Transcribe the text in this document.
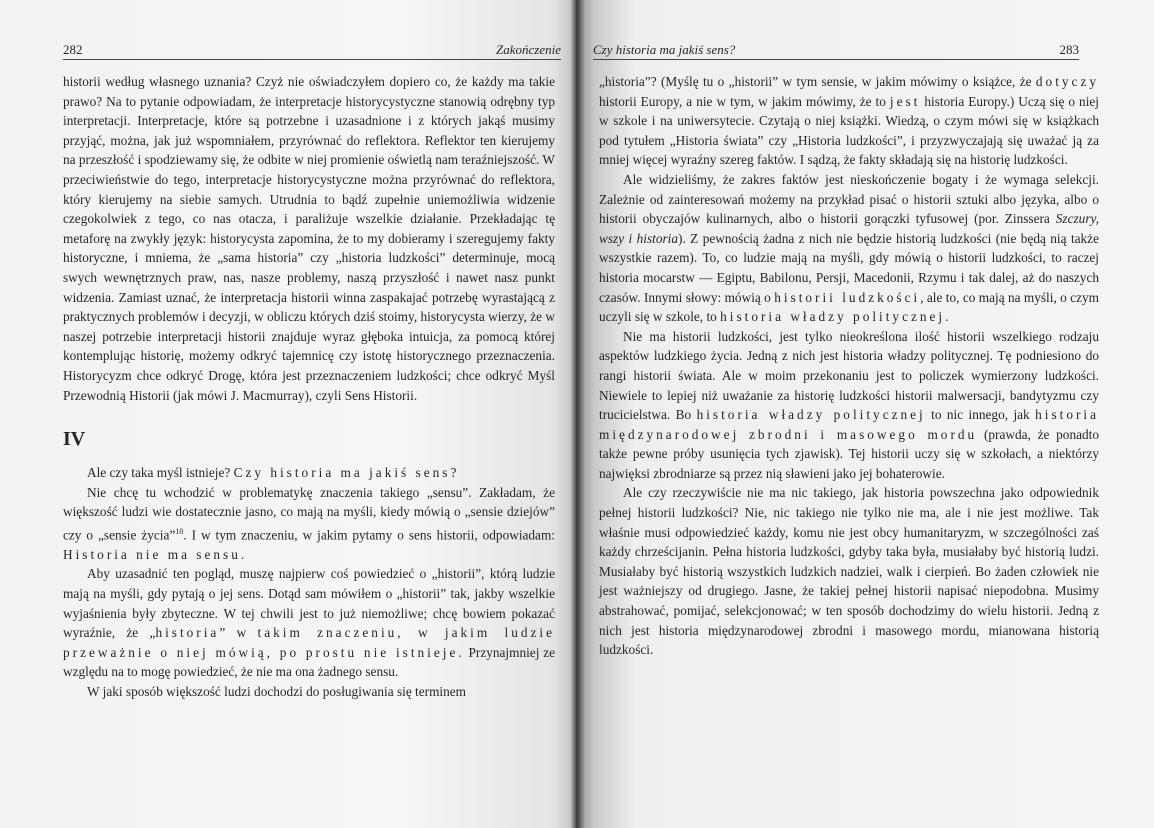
282	Zakończenie

historii według własnego uznania? Czyż nie oświadczyłem dopiero co, że każdy ma takie prawo? Na to pytanie odpowiadam, że interpretacje historycystyczne stanowią odrębny typ interpretacji. Interpretacje, które są potrzebne i uzasadnione i z których jakąś musimy przyjąć, można, jak już wspomniałem, przyrównać do reflektora. Reflektor ten kierujemy na przeszłość i spodziewamy się, że odbite w niej promienie oświetlą nam teraźniejszość. W przeciwieństwie do tego, interpretacje historycystyczne można przyrównać do reflektora, który kierujemy na siebie samych. Utrudnia to bądź zupełnie uniemożliwia widzenie czegokolwiek z tego, co nas otacza, i paraliżuje wszelkie działanie. Przekładając tę metaforę na zwykły język: historycysta zapomina, że to my dobieramy i szeregujemy fakty historyczne, i mniema, że „sama historia” czy „historia ludzkości” determinuje, mocą swych wewnętrznych praw, nas, nasze problemy, naszą przyszłość i nawet nasz punkt widzenia. Zamiast uznać, że interpretacja historii winna zaspakajać potrzebę wyrastającą z praktycznych problemów i decyzji, w obliczu których dziś stoimy, historycysta wierzy, że w naszej potrzebie interpretacji historii znajduje wyraz głęboka intuicja, za pomocą której kontemplując historię, możemy odkryć tajemnicę czy istotę historycznego przeznaczenia. Historycyzm chce odkryć Drogę, która jest przeznaczeniem ludzkości; chce odkryć Myśl Przewodnią Historii (jak mówi J. Macmurray), czyli Sens Historii.

IV

Ale czy taka myśl istnieje? Czy historia ma jakiś sens?

Nie chcę tu wchodzić w problematykę znaczenia takiego „sensu”. Zakładam, że większość ludzi wie dostatecznie jasno, co mają na myśli, kiedy mówią o „sensie dziejów” czy o „sensie życia”$^{10}$. I w tym znaczeniu, w jakim pytamy o sens historii, odpowiadam: Historia nie ma sensu.

Aby uzasadnić ten pogląd, muszę najpierw coś powiedzieć o „historii”, którą ludzie mają na myśli, gdy pytają o jej sens. Dotąd sam mówiłem o „historii” tak, jakby wszelkie wyjaśnienia były zbyteczne. W tej chwili jest to już niemożliwe; chcę bowiem pokazać wyraźnie, że „historia” w takim znaczeniu, w jakim ludzie przeważnie o niej mówią, po prostu nie istnieje. Przynajmniej ze względu na to mogę powiedzieć, że nie ma ona żadnego sensu.

W jaki sposób większość ludzi dochodzi do posługiwania się terminem

Czy historia ma jakiś sens?	283

„historia”? (Myślę tu o „historii” w tym sensie, w jakim mówimy o książce, że dotyczy historii Europy, a nie w tym, w jakim mówimy, że to jest historia Europy.) Uczą się o niej w szkole i na uniwersytecie. Czytają o niej książki. Wiedzą, o czym mówi się w książkach pod tytułem „Historia świata” czy „Historia ludzkości”, i przyzwyczajają się uważać ją za mniej więcej wyraźny szereg faktów. I sądzą, że fakty składają się na historię ludzkości.

Ale widzieliśmy, że zakres faktów jest nieskończenie bogaty i że wymaga selekcji. Zależnie od zainteresowań możemy na przykład pisać o historii sztuki albo języka, albo o historii obyczajów kulinarnych, albo o historii gorączki tyfusowej (por. Zinssera Szczury, wszy i historia). Z pewnością żadna z nich nie będzie historią ludzkości (nie będą nią także wszystkie razem). To, co ludzie mają na myśli, gdy mówią o historii ludzkości, to raczej historia mocarstw — Egiptu, Babilonu, Persji, Macedonii, Rzymu i tak dalej, aż do naszych czasów. Innymi słowy: mówią o historii ludzkości, ale to, co mają na myśli, o czym uczyli się w szkole, to historia władzy politycznej.

Nie ma historii ludzkości, jest tylko nieokreślona ilość historii wszelkiego rodzaju aspektów ludzkiego życia. Jedną z nich jest historia władzy politycznej. Tę podniesiono do rangi historii świata. Ale w moim przekonaniu jest to policzek wymierzony ludzkości. Niewiele to lepiej niż uważanie za historię ludzkości historii malwersacji, bandytyzmu czy trucicielstwa. Bo historia władzy politycznej to nic innego, jak historia międzynarodowej zbrodni i masowego mordu (prawda, że ponadto także pewne próby usunięcia tych zjawisk). Tej historii uczy się w szkołach, a niektórzy najwięksi zbrodniarze są przez nią sławieni jako jej bohaterowie.

Ale czy rzeczywiście nie ma nic takiego, jak historia powszechna jako odpowiednik pełnej historii ludzkości? Nie, nic takiego nie tylko nie ma, ale i nie jest możliwe. Tak właśnie musi odpowiedzieć każdy, komu nie jest obcy humanitaryzm, w szczególności zaś każdy chrześcijanin. Pełna historia ludzkości, gdyby taka była, musiałaby być historią ludzi. Musiałaby być historią wszystkich ludzkich nadziei, walk i cierpień. Bo żaden człowiek nie jest ważniejszy od drugiego. Jasne, że takiej pełnej historii napisać niepodobna. Musimy abstrahować, pomijać, selekcjonować; w ten sposób dochodzimy do wielu historii. Jedną z nich jest historia międzynarodowej zbrodni i masowego mordu, mianowana historią ludzkości.
